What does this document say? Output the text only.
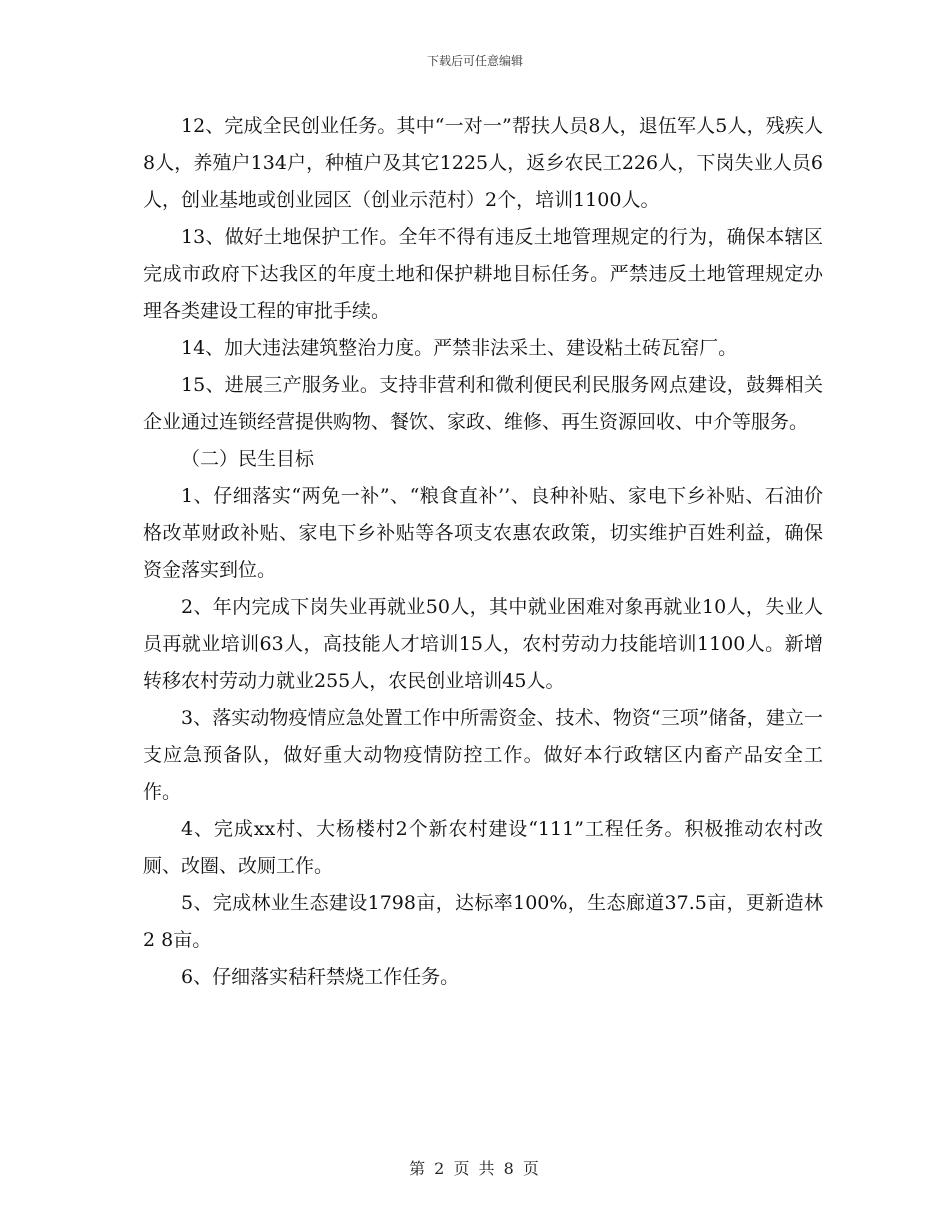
下载后可任意编辑

12、完成全民创业任务。其中“一对一”帮扶人员8人，退伍军人5人，残疾人8人，养殖户134户，种植户及其它1225人，返乡农民工226人，下岗失业人员6人，创业基地或创业园区（创业示范村）2个，培训1100人。

13、做好土地保护工作。全年不得有违反土地管理规定的行为，确保本辖区完成市政府下达我区的年度土地和保护耕地目标任务。严禁违反土地管理规定办理各类建设工程的审批手续。

14、加大违法建筑整治力度。严禁非法采土、建设粘土砖瓦窑厂。

15、进展三产服务业。支持非营利和微利便民利民服务网点建设，鼓舞相关企业通过连锁经营提供购物、餐饮、家政、维修、再生资源回收、中介等服务。

（二）民生目标

1、仔细落实“两免一补”、“粮食直补’’、良种补贴、家电下乡补贴、石油价格改革财政补贴、家电下乡补贴等各项支农惠农政策，切实维护百姓利益，确保资金落实到位。

2、年内完成下岗失业再就业50人，其中就业困难对象再就业10人，失业人员再就业培训63人，高技能人才培训15人，农村劳动力技能培训1100人。新增转移农村劳动力就业255人，农民创业培训45人。

3、落实动物疫情应急处置工作中所需资金、技术、物资“三项”储备，建立一支应急预备队，做好重大动物疫情防控工作。做好本行政辖区内畜产品安全工作。

4、完成xx村、大杨楼村2个新农村建设“111”工程任务。积极推动农村改厕、改圈、改厕工作。

5、完成林业生态建设1798亩，达标率100%，生态廊道37.5亩，更新造林2 8亩。

6、仔细落实秸秆禁烧工作任务。

第 2 页 共 8 页
